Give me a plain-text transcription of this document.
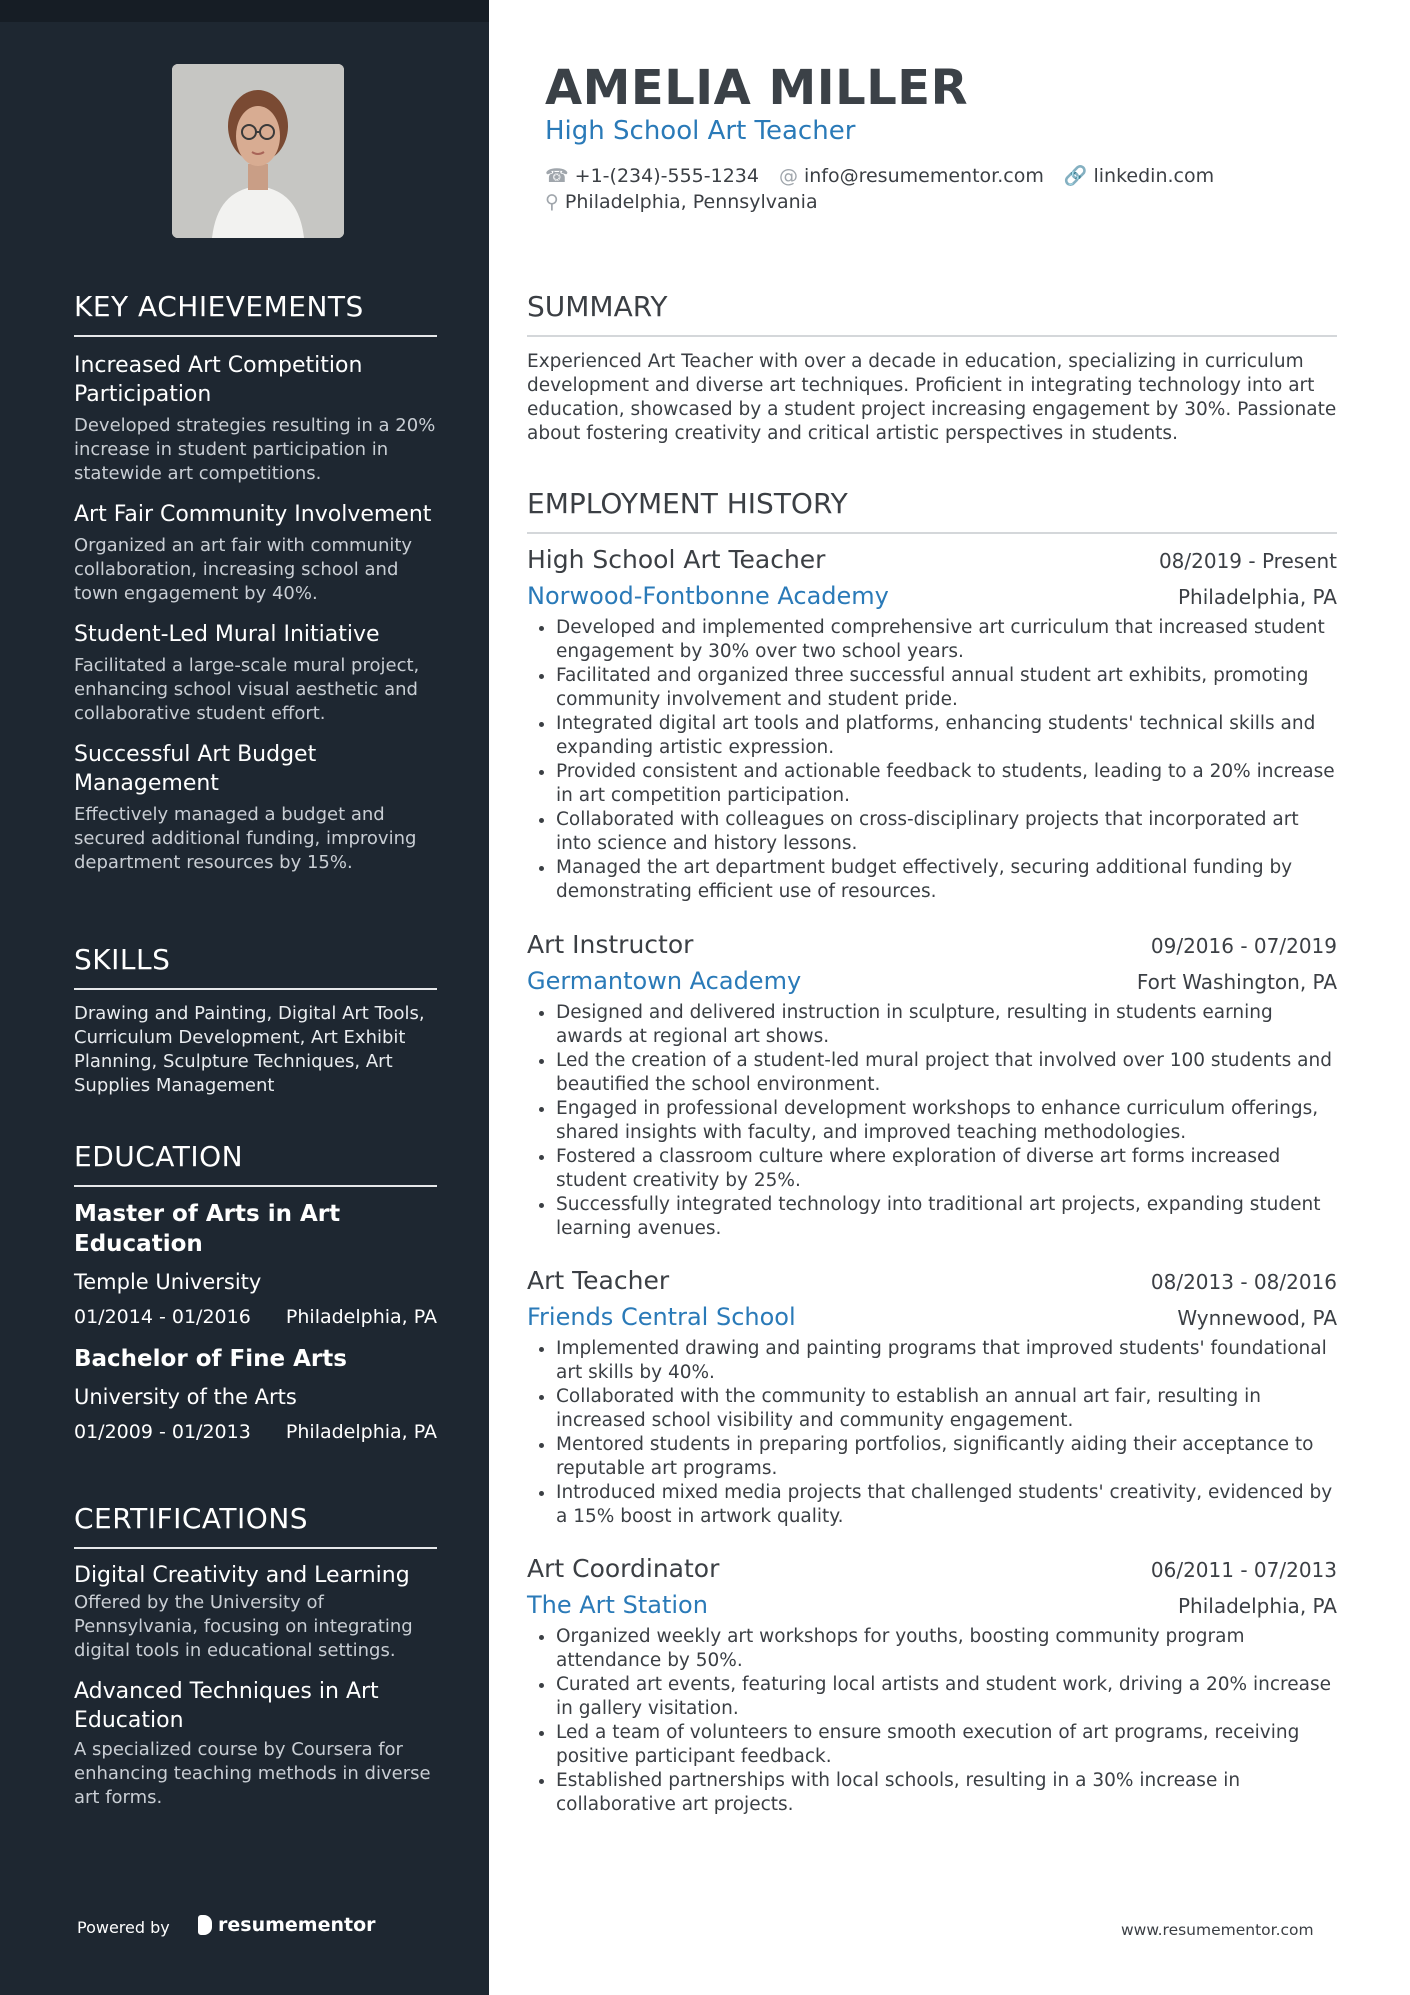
KEY ACHIEVEMENTS
Increased Art Competition Participation
Developed strategies resulting in a 20% increase in student participation in statewide art competitions.
Art Fair Community Involvement
Organized an art fair with community collaboration, increasing school and town engagement by 40%.
Student-Led Mural Initiative
Facilitated a large-scale mural project, enhancing school visual aesthetic and collaborative student effort.
Successful Art Budget Management
Effectively managed a budget and secured additional funding, improving department resources by 15%.
SKILLS
Drawing and Painting, Digital Art Tools, Curriculum Development, Art Exhibit Planning, Sculpture Techniques, Art Supplies Management
EDUCATION
Master of Arts in Art Education
Temple University
01/2014 - 01/2016 Philadelphia, PA
Bachelor of Fine Arts
University of the Arts
01/2009 - 01/2013 Philadelphia, PA
CERTIFICATIONS
Digital Creativity and Learning
Offered by the University of Pennsylvania, focusing on integrating digital tools in educational settings.
Advanced Techniques in Art Education
A specialized course by Coursera for enhancing teaching methods in diverse art forms.
Powered by	resumementor
AMELIA MILLER
High School Art Teacher
☎ +1-(234)-555-1234 @ info@resumementor.com 🔗 linkedin.com
⚲ Philadelphia, Pennsylvania
SUMMARY
Experienced Art Teacher with over a decade in education, specializing in curriculum development and diverse art techniques. Proficient in integrating technology into art education, showcased by a student project increasing engagement by 30%. Passionate about fostering creativity and critical artistic perspectives in students.
EMPLOYMENT HISTORY
High School Art Teacher	08/2019 - Present
Norwood-Fontbonne Academy	Philadelphia, PA
• Developed and implemented comprehensive art curriculum that increased student engagement by 30% over two school years.
• Facilitated and organized three successful annual student art exhibits, promoting community involvement and student pride.
• Integrated digital art tools and platforms, enhancing students' technical skills and expanding artistic expression.
• Provided consistent and actionable feedback to students, leading to a 20% increase in art competition participation.
• Collaborated with colleagues on cross-disciplinary projects that incorporated art into science and history lessons.
• Managed the art department budget effectively, securing additional funding by demonstrating efficient use of resources.
Art Instructor	09/2016 - 07/2019
Germantown Academy	Fort Washington, PA
• Designed and delivered instruction in sculpture, resulting in students earning awards at regional art shows.
• Led the creation of a student-led mural project that involved over 100 students and beautified the school environment.
• Engaged in professional development workshops to enhance curriculum offerings, shared insights with faculty, and improved teaching methodologies.
• Fostered a classroom culture where exploration of diverse art forms increased student creativity by 25%.
• Successfully integrated technology into traditional art projects, expanding student learning avenues.
Art Teacher	08/2013 - 08/2016
Friends Central School	Wynnewood, PA
• Implemented drawing and painting programs that improved students' foundational art skills by 40%.
• Collaborated with the community to establish an annual art fair, resulting in increased school visibility and community engagement.
• Mentored students in preparing portfolios, significantly aiding their acceptance to reputable art programs.
• Introduced mixed media projects that challenged students' creativity, evidenced by a 15% boost in artwork quality.
Art Coordinator	06/2011 - 07/2013
The Art Station	Philadelphia, PA
• Organized weekly art workshops for youths, boosting community program attendance by 50%.
• Curated art events, featuring local artists and student work, driving a 20% increase in gallery visitation.
• Led a team of volunteers to ensure smooth execution of art programs, receiving positive participant feedback.
• Established partnerships with local schools, resulting in a 30% increase in collaborative art projects.
www.resumementor.com
